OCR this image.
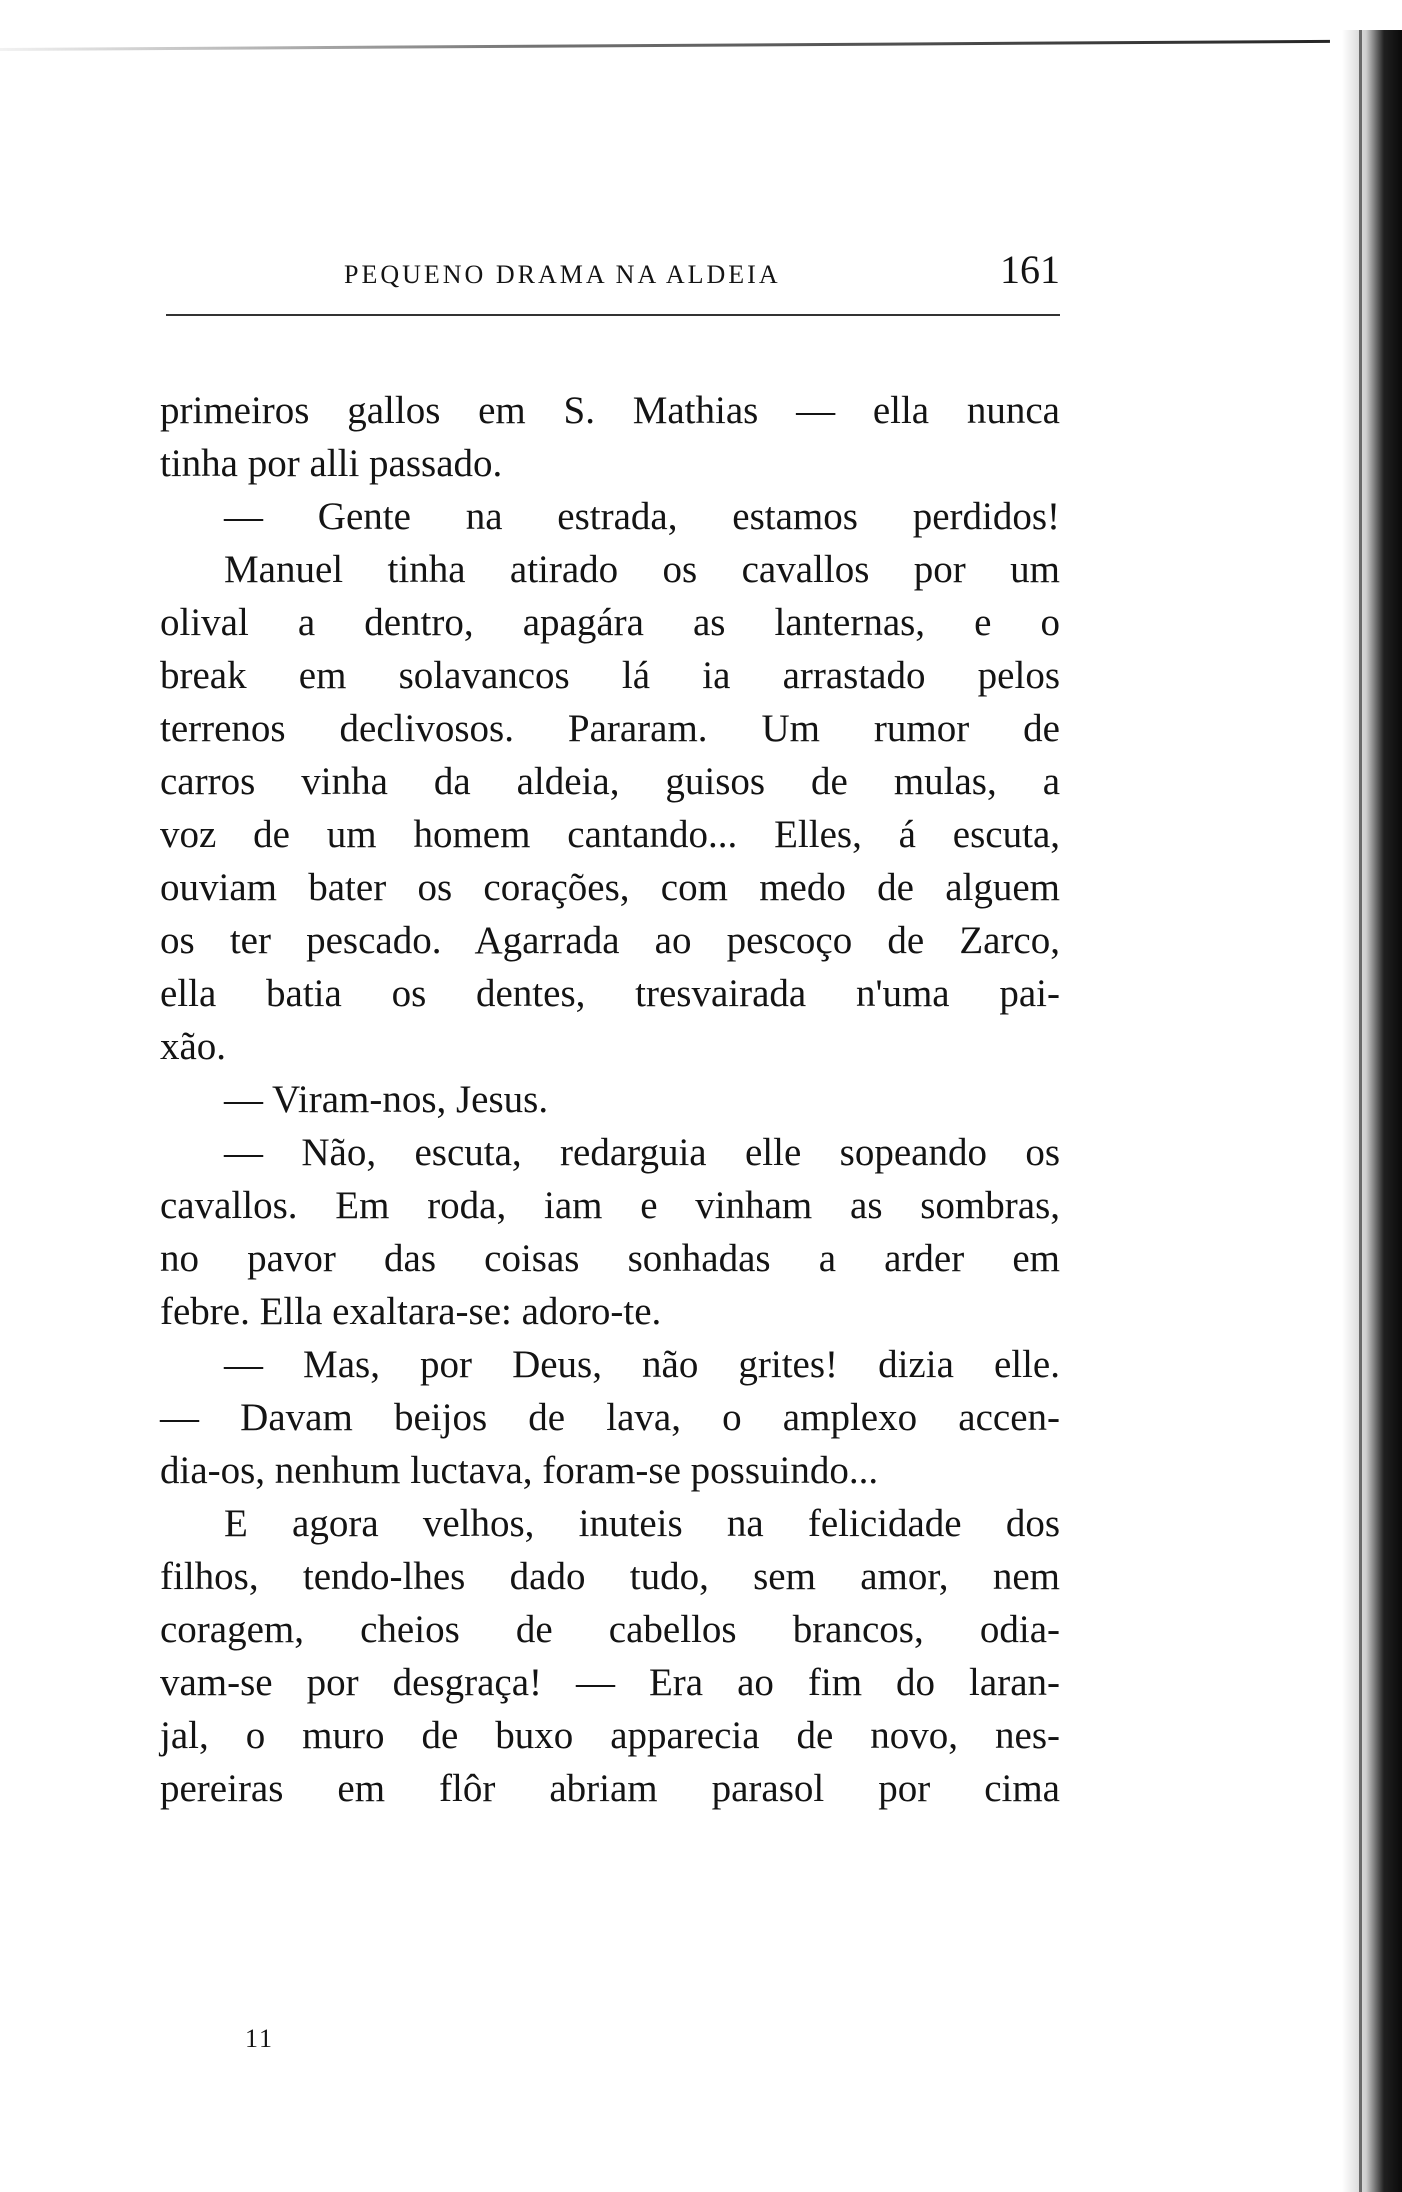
PEQUENO DRAMA NA ALDEIA	161
primeiros gallos em S. Mathias — ella nunca
tinha por alli passado.
— Gente na estrada, estamos perdidos!
Manuel tinha atirado os cavallos por um
olival a dentro, apagára as lanternas, e o
break em solavancos lá ia arrastado pelos
terrenos declivosos. Pararam. Um rumor de
carros vinha da aldeia, guisos de mulas, a
voz de um homem cantando... Elles, á escuta,
ouviam bater os corações, com medo de alguem
os ter pescado. Agarrada ao pescoço de Zarco,
ella batia os dentes, tresvairada n'uma pai-
xão.
— Viram-nos, Jesus.
— Não, escuta, redarguia elle sopeando os
cavallos. Em roda, iam e vinham as sombras,
no pavor das coisas sonhadas a arder em
febre. Ella exaltara-se: adoro-te.
— Mas, por Deus, não grites! dizia elle.
— Davam beijos de lava, o amplexo accen-
dia-os, nenhum luctava, foram-se possuindo...
E agora velhos, inuteis na felicidade dos
filhos, tendo-lhes dado tudo, sem amor, nem
coragem, cheios de cabellos brancos, odia-
vam-se por desgraça! — Era ao fim do laran-
jal, o muro de buxo apparecia de novo, nes-
pereiras em flôr abriam parasol por cima
11
